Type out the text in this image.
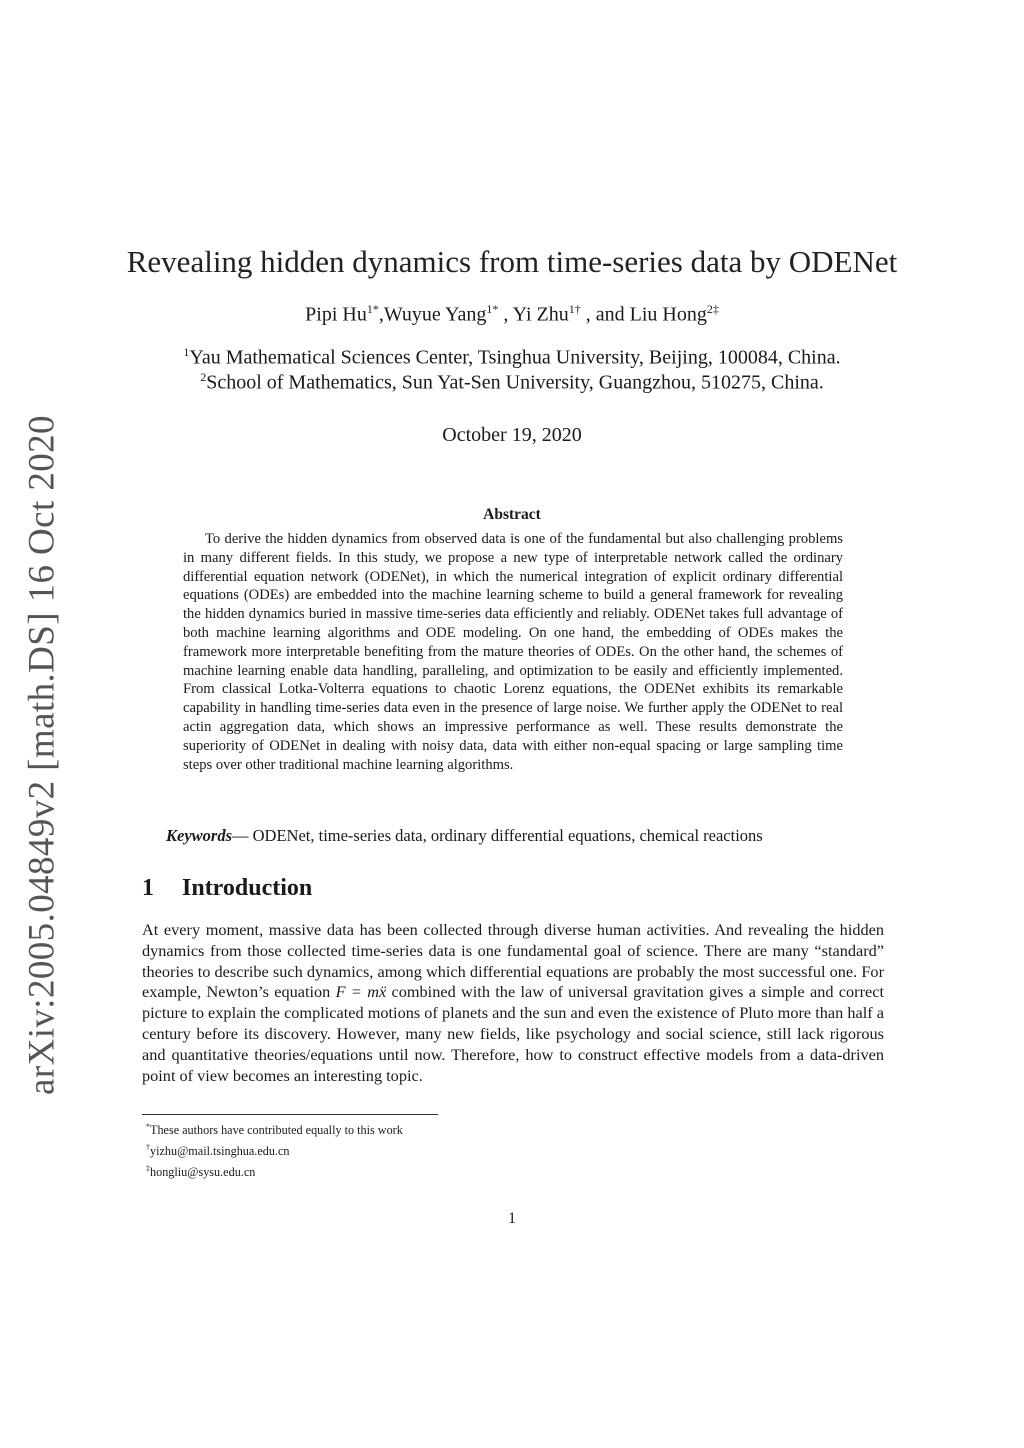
arXiv:2005.04849v2 [math.DS] 16 Oct 2020
Revealing hidden dynamics from time-series data by ODENet
Pipi $Hu^{1*},Wuyue$ Yang$^{1*}$ , Yi Zhu$^{1\dagger}$ , and Liu Hong$^{2\ddagger}$
$^1$Yau Mathematical Sciences Center, Tsinghua University, Beijing, 100084, China.
$^2$School of Mathematics, Sun Yat-Sen University, Guangzhou, 510275, China.
October 19, 2020
Abstract

To derive the hidden dynamics from observed data is one of the fundamental but also challenging problems in many different fields. In this study, we propose a new type of interpretable network called the ordinary differential equation network (ODENet), in which the numerical integration of explicit ordinary differential equations (ODEs) are embedded into the machine learning scheme to build a general framework for revealing the hidden dynamics buried in massive time-series data efficiently and reliably. ODENet takes full advantage of both machine learning algorithms and ODE modeling. On one hand, the embedding of ODEs makes the framework more interpretable benefiting from the mature theories of ODEs. On the other hand, the schemes of machine learning enable data handling, paralleling, and optimization to be easily and efficiently implemented. From classical Lotka-Volterra equations to chaotic Lorenz equations, the ODENet exhibits its remarkable capability in handling time-series data even in the presence of large noise. We further apply the ODENet to real actin aggregation data, which shows an impressive performance as well. These results demonstrate the superiority of ODENet in dealing with noisy data, data with either non-equal spacing or large sampling time steps over other traditional machine learning algorithms.

Keywords— ODENet, time-series data, ordinary differential equations, chemical reactions
1 Introduction

At every moment, massive data has been collected through diverse human activities. And revealing the hidden dynamics from those collected time-series data is one fundamental goal of science. There are many “standard” theories to describe such dynamics, among which differential equations are probably the most successful one. For example, Newton’s equation F = mẍ combined with the law of universal gravitation gives a simple and correct picture to explain the complicated motions of planets and the sun and even the existence of Pluto more than half a century before its discovery. However, many new fields, like psychology and social science, still lack rigorous and quantitative theories/equations until now. Therefore, how to construct effective models from a data-driven point of view becomes an interesting topic.

*These authors have contributed equally to this work
†yizhu@mail.tsinghua.edu.cn
‡hongliu@sysu.edu.cn
1
